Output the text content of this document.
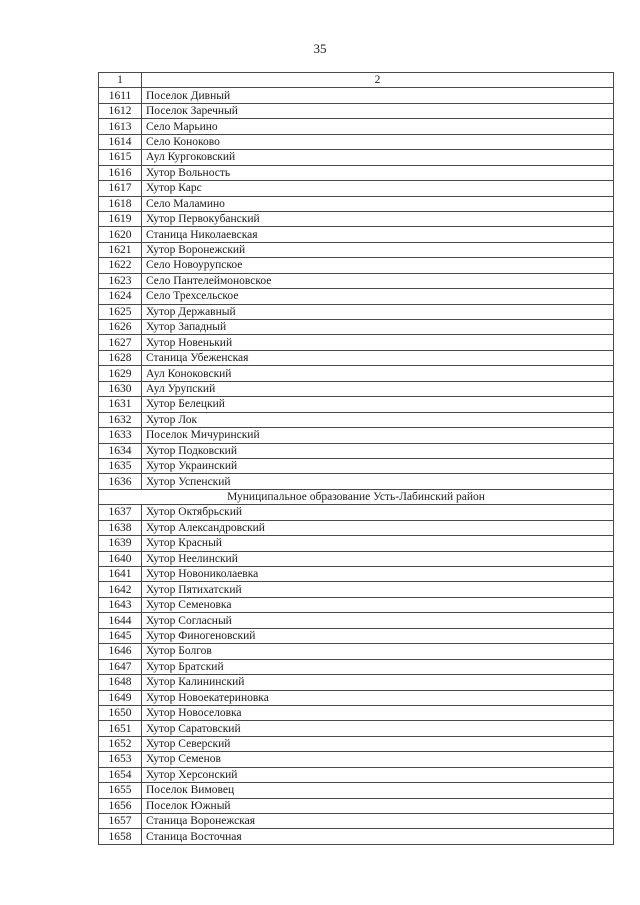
35
1	2
1611	Поселок Дивный
1612	Поселок Заречный
1613	Село Марьино
1614	Село Коноково
1615	Аул Кургоковский
1616	Хутор Вольность
1617	Хутор Карс
1618	Село Маламино
1619	Хутор Первокубанский
1620	Станица Николаевская
1621	Хутор Воронежский
1622	Село Новоурупское
1623	Село Пантелеймоновское
1624	Село Трехсельское
1625	Хутор Державный
1626	Хутор Западный
1627	Хутор Новенький
1628	Станица Убеженская
1629	Аул Коноковский
1630	Аул Урупский
1631	Хутор Белецкий
1632	Хутор Лок
1633	Поселок Мичуринский
1634	Хутор Подковский
1635	Хутор Украинский
1636	Хутор Успенский
Муниципальное образование Усть-Лабинский район	
1637	Хутор Октябрьский
1638	Хутор Александровский
1639	Хутор Красный
1640	Хутор Неелинский
1641	Хутор Новониколаевка
1642	Хутор Пятихатский
1643	Хутор Семеновка
1644	Хутор Согласный
1645	Хутор Финогеновский
1646	Хутор Болгов
1647	Хутор Братский
1648	Хутор Калининский
1649	Хутор Новоекатериновка
1650	Хутор Новоселовка
1651	Хутор Саратовский
1652	Хутор Северский
1653	Хутор Семенов
1654	Хутор Херсонский
1655	Поселок Вимовец
1656	Поселок Южный
1657	Станица Воронежская
1658	Станица Восточная
